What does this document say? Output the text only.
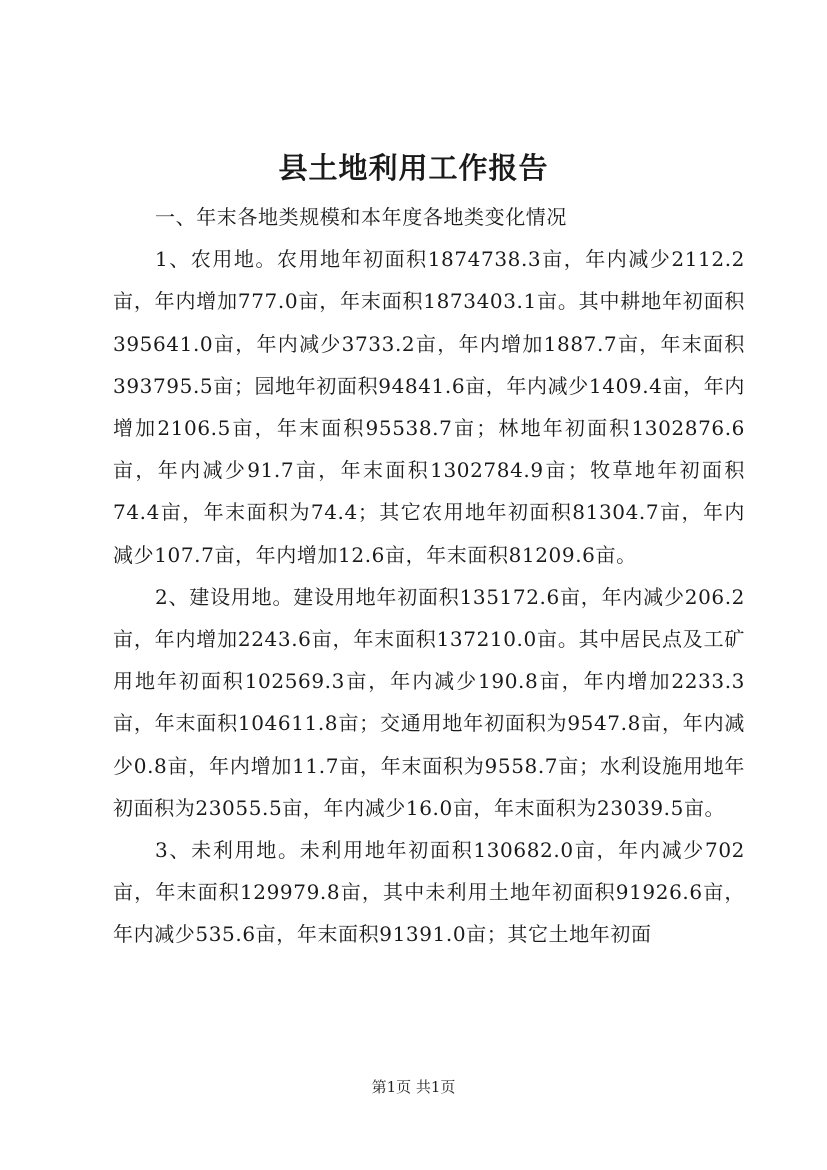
县土地利用工作报告

一、年末各地类规模和本年度各地类变化情况

1、农用地。农用地年初面积1874738.3亩，年内减少2112.2亩，年内增加777.0亩，年末面积1873403.1亩。其中耕地年初面积395641.0亩，年内减少3733.2亩，年内增加1887.7亩，年末面积393795.5亩；园地年初面积94841.6亩，年内减少1409.4亩，年内增加2106.5亩，年末面积95538.7亩；林地年初面积1302876.6亩，年内减少91.7亩，年末面积1302784.9亩；牧草地年初面积74.4亩，年末面积为74.4；其它农用地年初面积81304.7亩，年内减少107.7亩，年内增加12.6亩，年末面积81209.6亩。

2、建设用地。建设用地年初面积135172.6亩，年内减少206.2亩，年内增加2243.6亩，年末面积137210.0亩。其中居民点及工矿用地年初面积102569.3亩，年内减少190.8亩，年内增加2233.3亩，年末面积104611.8亩；交通用地年初面积为9547.8亩，年内减少0.8亩，年内增加11.7亩，年末面积为9558.7亩；水利设施用地年初面积为23055.5亩，年内减少16.0亩，年末面积为23039.5亩。

3、未利用地。未利用地年初面积130682.0亩，年内减少702亩，年末面积129979.8亩，其中未利用土地年初面积91926.6亩，年内减少535.6亩，年末面积91391.0亩；其它土地年初面

第1页 共1页
